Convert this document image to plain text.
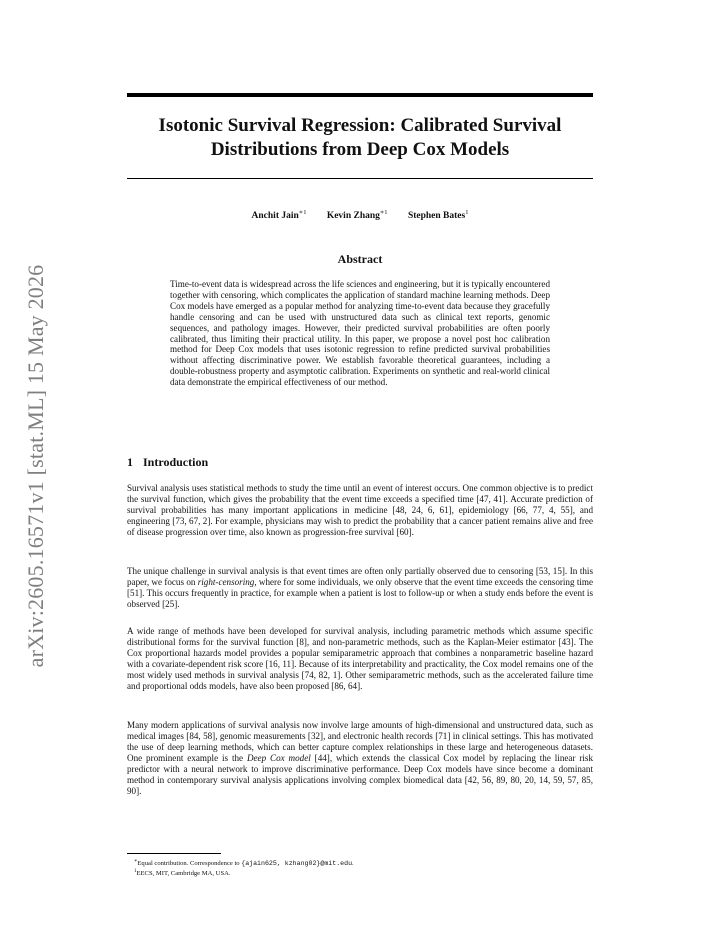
arXiv:2605.16571v1 [stat.ML] 15 May 2026
Isotonic Survival Regression: Calibrated Survival
Distributions from Deep Cox Models
Anchit Jain$^{∗1}$ Kevin Zhang$^{∗1}$ Stephen Bates$^1$
Abstract

Time-to-event data is widespread across the life sciences and engineering, but it is typically encountered together with censoring, which complicates the application of standard machine learning methods. Deep Cox models have emerged as a popular method for analyzing time-to-event data because they gracefully handle censoring and can be used with unstructured data such as clinical text reports, genomic sequences, and pathology images. However, their predicted survival probabilities are often poorly calibrated, thus limiting their practical utility. In this paper, we propose a novel post hoc calibration method for Deep Cox models that uses isotonic regression to refine predicted survival probabilities without affecting discriminative power. We establish favorable theoretical guarantees, including a double-robustness property and asymptotic calibration. Experiments on synthetic and real-world clinical data demonstrate the empirical effectiveness of our method.

1 Introduction

Survival analysis uses statistical methods to study the time until an event of interest occurs. One common objective is to predict the survival function, which gives the probability that the event time exceeds a specified time [47, 41]. Accurate prediction of survival probabilities has many important applications in medicine [48, 24, 6, 61], epidemiology [66, 77, 4, 55], and engineering [73, 67, 2]. For example, physicians may wish to predict the probability that a cancer patient remains alive and free of disease progression over time, also known as progression-free survival [60].

The unique challenge in survival analysis is that event times are often only partially observed due to censoring [53, 15]. In this paper, we focus on right-censoring, where for some individuals, we only observe that the event time exceeds the censoring time [51]. This occurs frequently in practice, for example when a patient is lost to follow-up or when a study ends before the event is observed [25].

A wide range of methods have been developed for survival analysis, including parametric methods which assume specific distributional forms for the survival function [8], and non-parametric methods, such as the Kaplan-Meier estimator [43]. The Cox proportional hazards model provides a popular semiparametric approach that combines a nonparametric baseline hazard with a covariate-dependent risk score [16, 11]. Because of its interpretability and practicality, the Cox model remains one of the most widely used methods in survival analysis [74, 82, 1]. Other semiparametric methods, such as the accelerated failure time and proportional odds models, have also been proposed [86, 64].

Many modern applications of survival analysis now involve large amounts of high-dimensional and unstructured data, such as medical images [84, 58], genomic measurements [32], and electronic health records [71] in clinical settings. This has motivated the use of deep learning methods, which can better capture complex relationships in these large and heterogeneous datasets. One prominent example is the Deep Cox model [44], which extends the classical Cox model by replacing the linear risk predictor with a neural network to improve discriminative performance. Deep Cox models have since become a dominant method in contemporary survival analysis applications involving complex biomedical data [42, 56, 89, 80, 20, 14, 59, 57, 85, 90].

∗Equal contribution. Correspondence to {ajain625, kzhang02}@mit.edu.
$^1$EECS, MIT, Cambridge MA, USA.
